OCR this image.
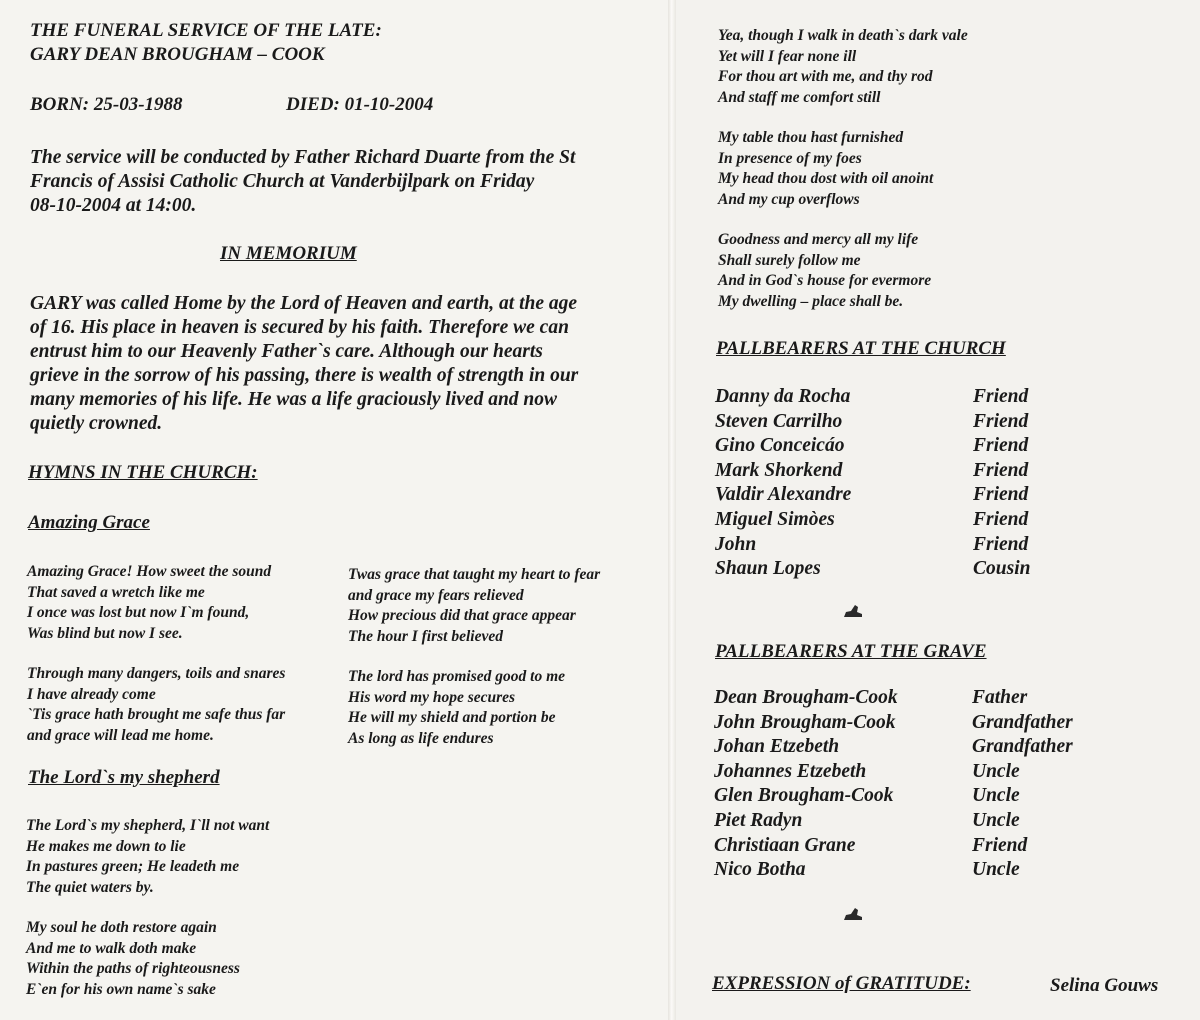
THE FUNERAL SERVICE OF THE LATE:
GARY DEAN BROUGHAM – COOK
BORN: 25-03-1988	DIED: 01-10-2004
The service will be conducted by Father Richard Duarte from the St
Francis of Assisi Catholic Church at Vanderbijlpark on Friday
08-10-2004 at 14:00.
IN MEMORIUM
GARY was called Home by the Lord of Heaven and earth, at the age
of 16. His place in heaven is secured by his faith. Therefore we can
entrust him to our Heavenly Father`s care. Although our hearts
grieve in the sorrow of his passing, there is wealth of strength in our
many memories of his life. He was a life graciously lived and now
quietly crowned.
HYMNS IN THE CHURCH:
Amazing Grace

Amazing Grace! How sweet the sound
That saved a wretch like me
I once was lost but now I`m found,
Was blind but now I see.

Through many dangers, toils and snares
I have already come
`Tis grace hath brought me safe thus far
and grace will lead me home.

Twas grace that taught my heart to fear
and grace my fears relieved
How precious did that grace appear
The hour I first believed

The lord has promised good to me
His word my hope secures
He will my shield and portion be
As long as life endures

The Lord`s my shepherd

The Lord`s my shepherd, I`ll not want
He makes me down to lie
In pastures green; He leadeth me
The quiet waters by.

My soul he doth restore again
And me to walk doth make
Within the paths of righteousness
E`en for his own name`s sake

Yea, though I walk in death`s dark vale
Yet will I fear none ill
For thou art with me, and thy rod
And staff me comfort still

My table thou hast furnished
In presence of my foes
My head thou dost with oil anoint
And my cup overflows

Goodness and mercy all my life
Shall surely follow me
And in God`s house for evermore
My dwelling – place shall be.

PALLBEARERS AT THE CHURCH
Danny da Rocha	Friend
Steven Carrilho	Friend
Gino Conceicáo	Friend
Mark Shorkend	Friend
Valdir Alexandre	Friend
Miguel Simòes	Friend
John	Friend
Shaun Lopes	Cousin
PALLBEARERS AT THE GRAVE
Dean Brougham-Cook	Father
John Brougham-Cook	Grandfather
Johan Etzebeth	Grandfather
Johannes Etzebeth	Uncle
Glen Brougham-Cook	Uncle
Piet Radyn	Uncle
Christiaan Grane	Friend
Nico Botha	Uncle
EXPRESSION of GRATITUDE:	Selina Gouws
